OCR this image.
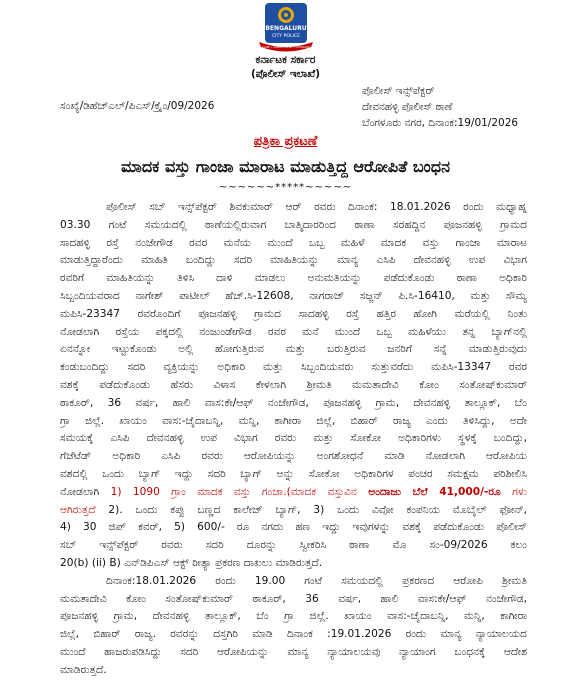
BENGALURU
CITY POLICE
CARE • COMMITMENT • COURAGE
ಕರ್ನಾಟಕ ಸರ್ಕಾರ
(ಪೊಲೀಸ್ ಇಲಾಖೆ)
ಸಂಖ್ಯೆ/ಡಿಹೆಚ್ಎಲ್/ಪಿಎಸ್/ಕ್ರೈಂ/09/2026
ಪೊಲೀಸ್ ಇನ್ಸ್‌ಪೆಕ್ಟರ್
ದೇವನಹಳ್ಳಿ ಪೊಲೀಸ್ ಠಾಣೆ
ಬೆಂಗಳೂರು ನಗರ, ದಿನಾಂಕ:19/01/2026
ಪತ್ರಿಕಾ ಪ್ರಕಟಣೆ
ಮಾದಕ ವಸ್ತು ಗಾಂಜಾ ಮಾರಾಟ ಮಾಡುತ್ತಿದ್ದ ಆರೋಪಿತೆ ಬಂಧನ
~~~~~~*****~~~~~
ಪೊಲೀಸ್ ಸಬ್ ಇನ್ಸ್‌ಪೆಕ್ಟರ್ ಶಿವಕುಮಾರ್ ಆರ್ ರವರು ದಿನಾಂಕ: 18.01.2026 ರಂದು ಮಧ್ಯಾಹ್ನ
03.30 ಗಂಟೆ ಸಮಯದಲ್ಲಿ ಠಾಣೆಯಲ್ಲಿರುವಾಗ ಬಾತ್ಮಿದಾರರಿಂದ ಠಾಣಾ ಸರಹದ್ದಿನ ಪೂಜನಹಳ್ಳಿ ಗ್ರಾಮದ
ಸಾದಹಳ್ಳಿ ರಸ್ತೆ ನಂಜೇಗೌಡ ರವರ ಮನೆಯ ಮುಂದೆ ಒಬ್ಬ ಮಹಿಳೆ ಮಾದಕ ವಸ್ತು ಗಾಂಜಾ ಮಾರಾಟ
ಮಾಡುತ್ತಿದ್ದಾರೆಂದು ಮಾಹಿತಿ ಬಂದಿದ್ದು ಸದರಿ ಮಾಹಿತಿಯನ್ನು ಮಾನ್ಯ ಎಸಿಪಿ ದೇವನಹಳ್ಳಿ ಉಪ ವಿಭಾಗ
ರವರಿಗೆ ಮಾಹಿತಿಯನ್ನು ತಿಳಿಸಿ ದಾಳಿ ಮಾಡಲು ಅನುಮತಿಯನ್ನು ಪಡೆದುಕೊಂಡು ಠಾಣಾ ಅಧಿಕಾರಿ
ಸಿಬ್ಬಂದಿಯವರಾದ ನಾಗೇಶ್ ಪಾಟೀಲ್ ಹೆಚ್.ಸಿ-12608, ನಾಗರಾಜ್ ಸಜ್ಜನ್ ಪಿ.ಸಿ-16410, ಮತ್ತು ಸೌಮ್ಯ
ಮಪಿಸಿ-23347 ರವರೊಂದಿಗೆ ಪೂಜನಹಳ್ಳಿ ಗ್ರಾಮದ ಸಾದಹಳ್ಳಿ ರಸ್ತೆ ಹತ್ತಿರ ಹೋಗಿ ಮರೆಯಲ್ಲಿ ನಿಂತು
ನೋಡಲಾಗಿ ರಸ್ತೆಯ ಪಕ್ಕದಲ್ಲಿ ನಂಜುಂಡೇಗೌಡ ರವರ ಮನೆ ಮುಂದೆ ಒಬ್ಬ ಮಹಿಳೆಯು ತನ್ನ ಬ್ಯಾಗ್‌ನಲ್ಲಿ
ಏನನ್ನೋ ಇಟ್ಟುಕೊಂಡು ಅಲ್ಲಿ ಹೋಗುತ್ತಿರುವ ಮತ್ತು ಬರುತ್ತಿರುವ ಜನರಿಗೆ ಸನ್ನೆ ಮಾಡುತ್ತಿರುವುದು
ಕಂಡುಬಂದಿದ್ದು ಸದರಿ ವ್ಯಕ್ತಿಯನ್ನು ಅಧಿಕಾರಿ ಮತ್ತು ಸಿಬ್ಬಂದಿಯವರು ಸುತ್ತುವರೆದು ಮಪಿಸಿ-13347 ರವರ
ವಶಕ್ಕೆ ಪಡೆದುಕೊಂಡು ಹೆಸರು ವಿಳಾಸ ಕೇಳಲಾಗಿ ಶ್ರೀಮತಿ ಮಮತಾದೇವಿ ಕೋಂ ಸಂತೋಷ್‌ಕುಮಾರ್
ಠಾಕೂರ್, 36 ವರ್ಷ, ಹಾಲಿ ವಾಸ:ಕೇ/ಆಫ್ ನಂಜೇಗೌಡ, ಪೂಜನಹಳ್ಳಿ ಗ್ರಾಮ, ದೇವನಹಳ್ಳಿ ತಾಲ್ಲೂಕ್, ಬೆಂ
ಗ್ರಾ ಜಿಲ್ಲೆ. ಖಾಯಂ ವಾಸ:-ಚೈದಾಬನ್ನಿ, ಮನ್ನಿ, ಕಾಗೀರಾ ಜಿಲ್ಲೆ, ಬಿಹಾರ್ ರಾಜ್ಯ ಎಂದು ತಿಳಿಸಿದ್ದು, ಅದೇ
ಸಮಯಕ್ಕೆ ಎಸಿಪಿ ದೇವನಹಳ್ಳಿ ಉಪ ವಿಭಾಗ ರವರು ಮತ್ತು ಸೋಕೋ ಅಧಿಕಾರಿಗಳು ಸ್ಥಳಕ್ಕೆ ಬಂದಿದ್ದು,
ಗೆಜೆಟೆಡ್ ಅಧಿಕಾರಿ ಎಸಿಪಿ ರವರು ಆರೋಪಿಯನ್ನು ಅಂಗಶೋಧನೆ ಮಾಡಿ ನೋಡಲಾಗಿ ಆರೋಪಿಯ
ವಶದಲ್ಲಿ ಒಂದು ಬ್ಯಾಗ್ ಇದ್ದು ಸದರಿ ಬ್ಯಾಗ್ ಅನ್ನು ಸೋಕೋ ಅಧಿಕಾರಿಗಳ ಪಂಚರ ಸಮಕ್ಷಮ ಪರಿಶೀಲಿಸಿ
ನೋಡಲಾಗಿ 1) 1090 ಗ್ರಾಂ ಮಾದಕ ವಸ್ತು ಗಂಜಾ.(ಮಾದಕ ವಸ್ತುವಿನ ಅಂದಾಜು ಬೆಲೆ 41,000/-ರೂ ಗಳು
ಆಗಿರುತ್ತದೆ 2). ಒಂದು ಕಪ್ಪು ಬಣ್ಣದ ಕಾಲೇಜ್ ಬ್ಯಾಗ್, 3) ಒಂದು ವಿವೋ ಕಂಪನಿಯ ಮೊಬೈಲ್ ಫೋನ್,
4) 30 ಜಿಪ್ ಕವರ್, 5) 600/- ರೂ ನಗದು ಹಣ ಇದ್ದು ಇವುಗಳನ್ನು ವಶಕ್ಕೆ ಪಡೆದುಕೊಂಡು ಪೊಲೀಸ್
ಸಬ್ ಇನ್ಸ್‌ಪೆಕ್ಟರ್ ರವರು ಸದರಿ ದೂರನ್ನು ಸ್ವೀಕರಿಸಿ ಠಾಣಾ ಮೊ ಸಂ-09/2026 ಕಲಂ
20(b) (ii) B) ಎನ್‌ಡಿಪಿಎಸ್ ಆಕ್ಟ್ ರೀತ್ಯಾ ಪ್ರಕರಣ ದಾಖಲು ಮಾಡಿರುತ್ತದೆ.
ದಿನಾಂಕ:18.01.2026 ರಂದು 19.00 ಗಂಟೆ ಸಮಯದಲ್ಲಿ ಪ್ರಕರಣದ ಆರೋಪಿ ಶ್ರೀಮತಿ
ಮಮತಾದೇವಿ ಕೋಂ ಸಂತೋಷ್‌ಕುಮಾರ್ ಠಾಕೂರ್, 36 ವರ್ಷ, ಹಾಲಿ ವಾಸ:ಕೇ/ಆಫ್ ನಂಜೇಗೌಡ,
ಪೂಜನಹಳ್ಳಿ ಗ್ರಾಮ, ದೇವನಹಳ್ಳಿ ತಾಲ್ಲೂಕ್, ಬೆಂ ಗ್ರಾ ಜಿಲ್ಲೆ. ಖಾಯಂ ವಾಸ:-ಚೈದಾಬನ್ನಿ, ಮನ್ನಿ, ಕಾಗೀರಾ
ಜಿಲ್ಲೆ, ಬಿಹಾರ್ ರಾಜ್ಯ. ರವರನ್ನು ದಸ್ತಗಿರಿ ಮಾಡಿ ದಿನಾಂಕ :19.01.2026 ರಂದು ಮಾನ್ಯ ನ್ಯಾಯಾಲಯದ
ಮುಂದೆ ಹಾಜರುಪಡಿಸಿದ್ದು ಸದರಿ ಆರೋಪಿಯನ್ನು ಮಾನ್ಯ ನ್ಯಾಯಾಲಯವು ನ್ಯಾಯಾಂಗ ಬಂಧನಕ್ಕೆ ಆದೇಶ
ಮಾಡಿರುತ್ತದೆ.
